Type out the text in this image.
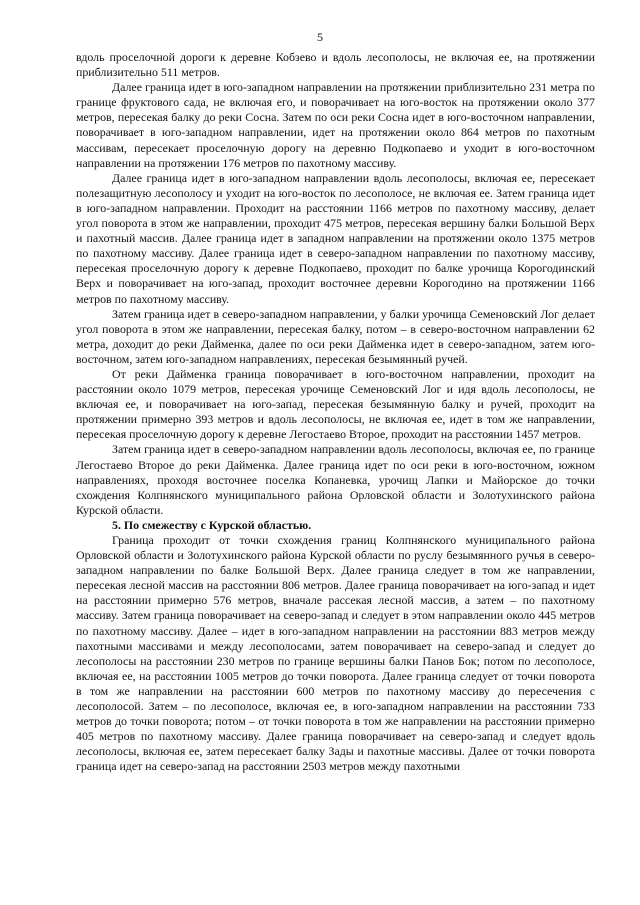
5

вдоль проселочной дороги к деревне Кобзево и вдоль лесополосы, не включая ее, на протяжении приблизительно 511 метров.

Далее граница идет в юго-западном направлении на протяжении приблизительно 231 метра по границе фруктового сада, не включая его, и поворачивает на юго-восток на протяжении около 377 метров, пересекая балку до реки Сосна. Затем по оси реки Сосна идет в юго-восточном направлении, поворачивает в юго-западном направлении, идет на протяжении около 864 метров по пахотным массивам, пересекает проселочную дорогу на деревню Подкопаево и уходит в юго-восточном направлении на протяжении 176 метров по пахотному массиву.

Далее граница идет в юго-западном направлении вдоль лесополосы, включая ее, пересекает полезащитную лесополосу и уходит на юго-восток по лесополосе, не включая ее. Затем граница идет в юго-западном направлении. Проходит на расстоянии 1166 метров по пахотному массиву, делает угол поворота в этом же направлении, проходит 475 метров, пересекая вершину балки Большой Верх и пахотный массив. Далее граница идет в западном направлении на протяжении около 1375 метров по пахотному массиву. Далее граница идет в северо-западном направлении по пахотному массиву, пересекая проселочную дорогу к деревне Подкопаево, проходит по балке урочища Корогодинский Верх и поворачивает на юго-запад, проходит восточнее деревни Корогодино на протяжении 1166 метров по пахотному массиву.

Затем граница идет в северо-западном направлении, у балки урочища Семеновский Лог делает угол поворота в этом же направлении, пересекая балку, потом – в северо-восточном направлении 62 метра, доходит до реки Дайменка, далее по оси реки Дайменка идет в северо-западном, затем юго-восточном, затем юго-западном направлениях, пересекая безымянный ручей.

От реки Дайменка граница поворачивает в юго-восточном направлении, проходит на расстоянии около 1079 метров, пересекая урочище Семеновский Лог и идя вдоль лесополосы, не включая ее, и поворачивает на юго-запад, пересекая безымянную балку и ручей, проходит на протяжении примерно 393 метров и вдоль лесополосы, не включая ее, идет в том же направлении, пересекая проселочную дорогу к деревне Легостаево Второе, проходит на расстоянии 1457 метров.

Затем граница идет в северо-западном направлении вдоль лесополосы, включая ее, по границе Легостаево Второе до реки Дайменка. Далее граница идет по оси реки в юго-восточном, южном направлениях, проходя восточнее поселка Копаневка, урочищ Лапки и Майорское до точки схождения Колпнянского муниципального района Орловской области и Золотухинского района Курской области.

5. По смежеству с Курской областью.

Граница проходит от точки схождения границ Колпнянского муниципального района Орловской области и Золотухинского района Курской области по руслу безымянного ручья в северо-западном направлении по балке Большой Верх. Далее граница следует в том же направлении, пересекая лесной массив на расстоянии 806 метров. Далее граница поворачивает на юго-запад и идет на расстоянии примерно 576 метров, вначале рассекая лесной массив, а затем – по пахотному массиву. Затем граница поворачивает на северо-запад и следует в этом направлении около 445 метров по пахотному массиву. Далее – идет в юго-западном направлении на расстоянии 883 метров между пахотными массивами и между лесополосами, затем поворачивает на северо-запад и следует до лесополосы на расстоянии 230 метров по границе вершины балки Панов Бок; потом по лесополосе, включая ее, на расстоянии 1005 метров до точки поворота. Далее граница следует от точки поворота в том же направлении на расстоянии 600 метров по пахотному массиву до пересечения с лесополосой. Затем – по лесополосе, включая ее, в юго-западном направлении на расстоянии 733 метров до точки поворота; потом – от точки поворота в том же направлении на расстоянии примерно 405 метров по пахотному массиву. Далее граница поворачивает на северо-запад и следует вдоль лесополосы, включая ее, затем пересекает балку Зады и пахотные массивы. Далее от точки поворота граница идет на северо-запад на расстоянии 2503 метров между пахотными
